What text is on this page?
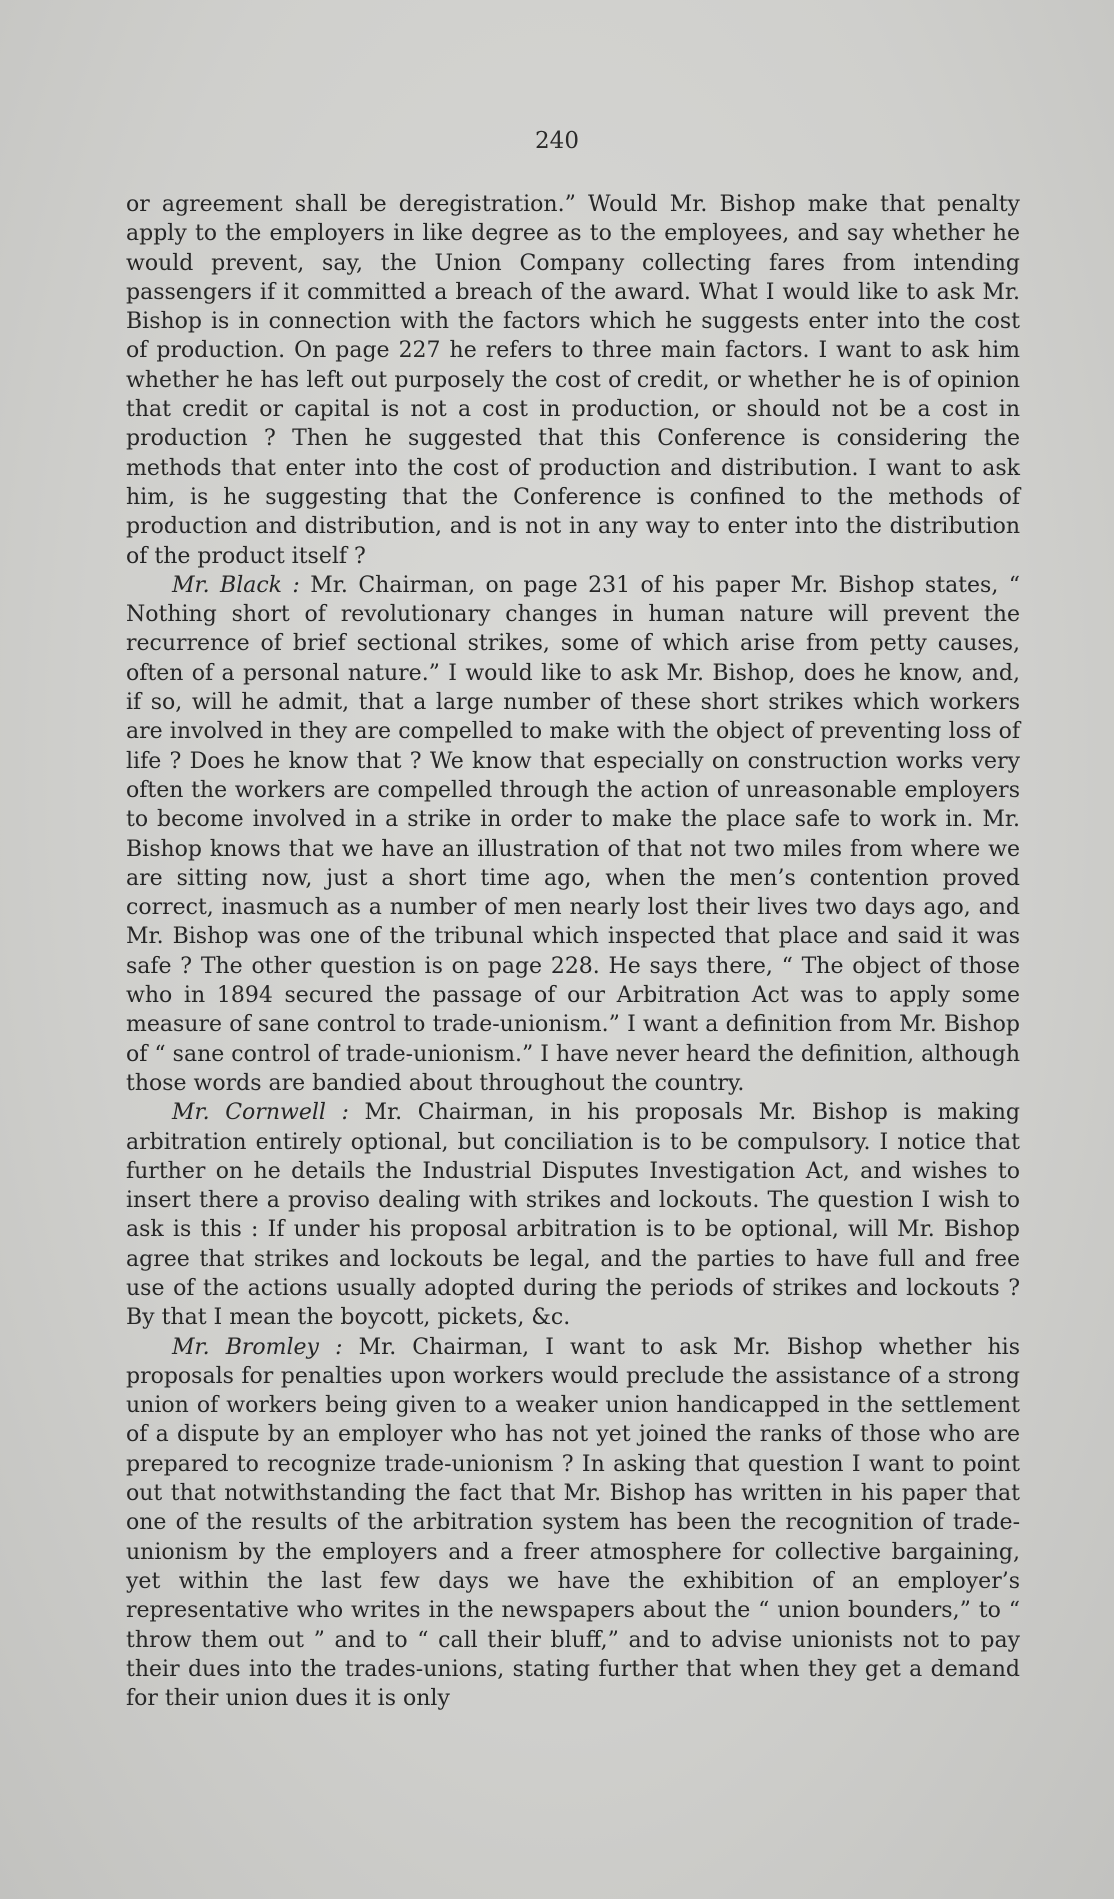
240

or agreement shall be deregistration.” Would Mr. Bishop make that penalty apply to the employers in like degree as to the employees, and say whether he would prevent, say, the Union Company collecting fares from intending passengers if it committed a breach of the award. What I would like to ask Mr. Bishop is in connection with the factors which he suggests enter into the cost of production. On page 227 he refers to three main factors. I want to ask him whether he has left out purposely the cost of credit, or whether he is of opinion that credit or capital is not a cost in production, or should not be a cost in production ? Then he suggested that this Conference is considering the methods that enter into the cost of production and distribution. I want to ask him, is he suggesting that the Conference is confined to the methods of production and distribution, and is not in any way to enter into the distribution of the product itself ?

Mr. Black : Mr. Chairman, on page 231 of his paper Mr. Bishop states, “ Nothing short of revolutionary changes in human nature will prevent the recurrence of brief sectional strikes, some of which arise from petty causes, often of a personal nature.” I would like to ask Mr. Bishop, does he know, and, if so, will he admit, that a large number of these short strikes which workers are involved in they are compelled to make with the object of preventing loss of life ? Does he know that ? We know that especially on construction works very often the workers are compelled through the action of unreasonable employers to become involved in a strike in order to make the place safe to work in. Mr. Bishop knows that we have an illustration of that not two miles from where we are sitting now, just a short time ago, when the men’s contention proved correct, inasmuch as a number of men nearly lost their lives two days ago, and Mr. Bishop was one of the tribunal which inspected that place and said it was safe ? The other question is on page 228. He says there, “ The object of those who in 1894 secured the passage of our Arbitration Act was to apply some measure of sane control to trade-unionism.” I want a definition from Mr. Bishop of “ sane control of trade-unionism.” I have never heard the definition, although those words are bandied about throughout the country.

Mr. Cornwell : Mr. Chairman, in his proposals Mr. Bishop is making arbitration entirely optional, but conciliation is to be compulsory. I notice that further on he details the Industrial Disputes Investigation Act, and wishes to insert there a proviso dealing with strikes and lockouts. The question I wish to ask is this : If under his proposal arbitration is to be optional, will Mr. Bishop agree that strikes and lockouts be legal, and the parties to have full and free use of the actions usually adopted during the periods of strikes and lockouts ? By that I mean the boycott, pickets, &c.

Mr. Bromley : Mr. Chairman, I want to ask Mr. Bishop whether his proposals for penalties upon workers would preclude the assistance of a strong union of workers being given to a weaker union handicapped in the settlement of a dispute by an employer who has not yet joined the ranks of those who are prepared to recognize trade-unionism ? In asking that question I want to point out that notwithstanding the fact that Mr. Bishop has written in his paper that one of the results of the arbitration system has been the recognition of trade-unionism by the employers and a freer atmosphere for collective bargaining, yet within the last few days we have the exhibition of an employer’s representative who writes in the newspapers about the “ union bounders,” to “ throw them out ” and to “ call their bluff,” and to advise unionists not to pay their dues into the trades-unions, stating further that when they get a demand for their union dues it is only
